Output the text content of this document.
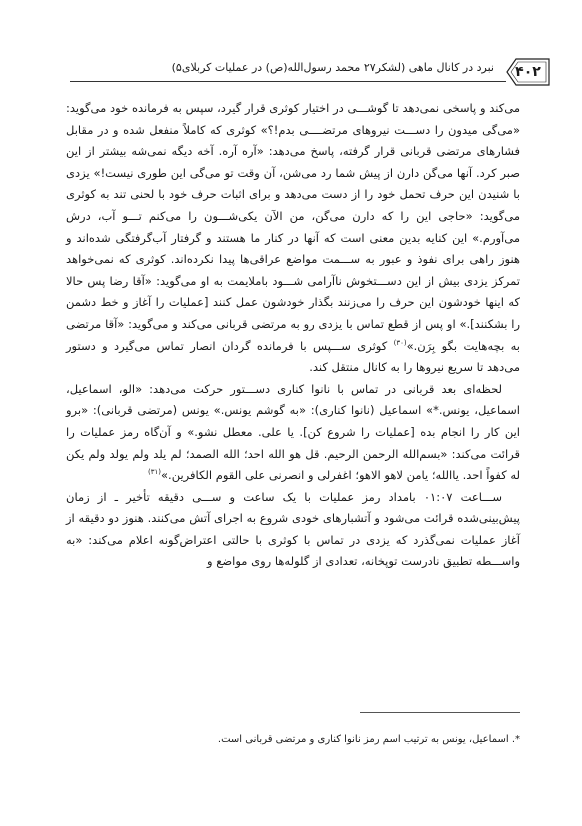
نبرد در کانال ماهی (لشکر۲۷ محمد رسول‌الله(ص) در عملیات کربلای۵)	۴۰۲

می‌کند و پاسخی نمی‌دهد تا گوشـــی در اختیار کوثری قرار گیرد، سپس به فرمانده خود می‌گوید: «می‌گی میدون را دســـت نیروهای مرتضــــی بدم!؟» کوثری که کاملاً منفعل شده و در مقابل فشارهای مرتضی قربانی قرار گرفته، پاسخ می‌دهد: «آره آره. آخه دیگه نمی‌شه بیشتر از این صبر کرد. آنها می‌گن دارن از پیش شما رد می‌شن، آن وقت تو می‌گی این طوری نیست!» یزدی با شنیدن این حرف تحمل خود را از دست می‌دهد و برای اثبات حرف خود با لحنی تند به کوثری می‌گوید: «حاجی این را که دارن می‌گن، من الآن یکی‌شـــون را می‌کنم تـــو آب، درش می‌آورم.» این کنایه بدین معنی است که آنها در کنار ما هستند و گرفتار آب‌گرفتگی شده‌اند و هنوز راهی برای نفوذ و عبور به ســـمت مواضع عراقی‌ها پیدا نکرده‌اند. کوثری که نمی‌خواهد تمرکز یزدی بیش از این دســـتخوش ناآرامی شـــود باملایمت به او می‌گوید: «آقا رضا پس حالا که اینها خودشون این حرف را می‌زنند بگذار خودشون عمل کنند [عملیات را آغاز و خط دشمن را بشکنند].» او پس از قطع تماس با یزدی رو به مرتضی قربانی می‌کند و می‌گوید: «آقا مرتضی به بچه‌هایت بگو بِرَن.»$^{(۳۰)}$ کوثری ســـپس با فرمانده گردان انصار تماس می‌گیرد و دستور می‌دهد تا سریع نیروها را به کانال منتقل کند.

لحظه‌ای بعد قربانی در تماس با نانوا کناری دســـتور حرکت می‌دهد: «الو، اسماعیل، اسماعیل، یونس.*» اسماعیل (نانوا کناری): «به گوشم یونس.» یونس (مرتضی قربانی): «برو این کار را انجام بده [عملیات را شروع کن]. یا علی. معطل نشو.» و آن‌گاه رمز عملیات را قرائت می‌کند: «بسم‌الله الرحمن الرحیم. قل هو الله احد؛ الله الصمد؛ لم یلد ولم یولد ولم یکن له کفواً احد. یاالله؛ یامن لاهو الاهو؛ اغفرلی و انصرنی علی القوم الکافرین.»$^{(۳۱)}$

ســـاعت ۰۱:۰۷ بامداد رمز عملیات با یک ساعت و ســـی دقیقه تأخیر ـ از زمان پیش‌بینی‌شده قرائت می‌شود و آتشبارهای خودی شروع به اجرای آتش می‌کنند. هنوز دو دقیقه از آغاز عملیات نمی‌گذرد که یزدی در تماس با کوثری با حالتی اعتراض‌گونه اعلام می‌کند: «به واســـطه تطبیق نادرست توپخانه، تعدادی از گلوله‌ها روی مواضع و

*. اسماعیل، یونس به ترتیب اسم رمز نانوا کناری و مرتضی قربانی است.
